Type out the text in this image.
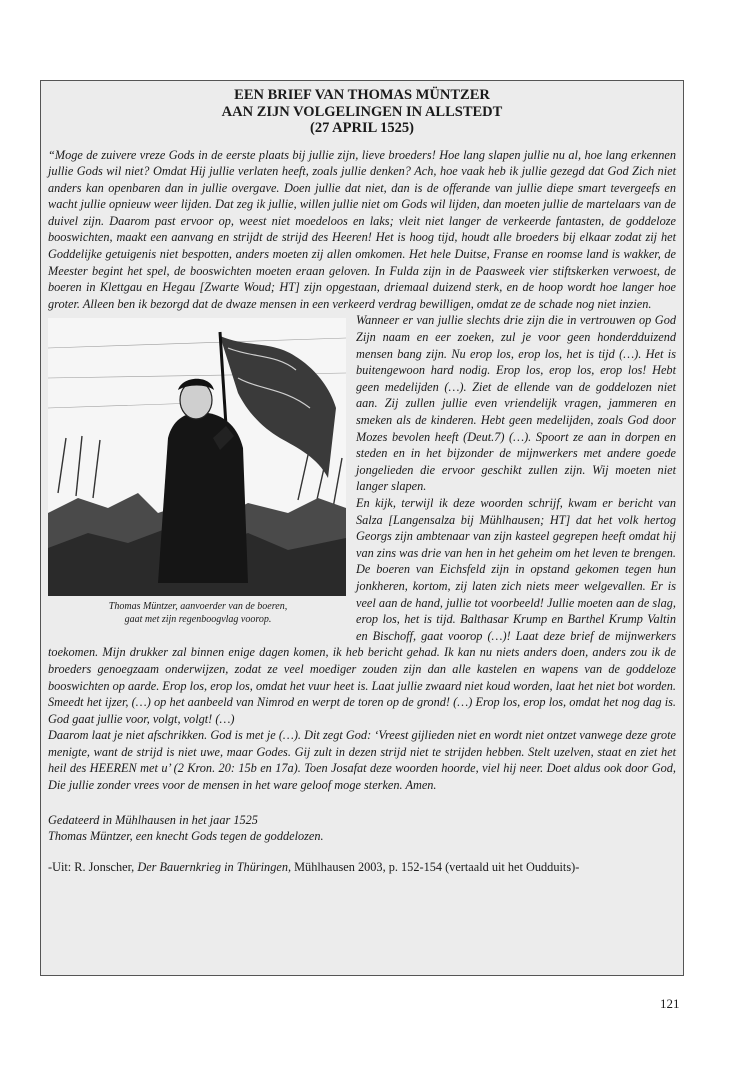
EEN BRIEF VAN THOMAS MÜNTZER
AAN ZIJN VOLGELINGEN IN ALLSTEDT
(27 APRIL 1525)

“Moge de zuivere vreze Gods in de eerste plaats bij jullie zijn, lieve broeders! Hoe lang slapen jullie nu al, hoe lang erkennen jullie Gods wil niet? Omdat Hij jullie verlaten heeft, zoals jullie denken? Ach, hoe vaak heb ik jullie gezegd dat God Zich niet anders kan openbaren dan in jullie overgave. Doen jullie dat niet, dan is de offerande van jullie diepe smart tevergeefs en wacht jullie opnieuw weer lijden. Dat zeg ik jullie, willen jullie niet om Gods wil lijden, dan moeten jullie de martelaars van de duivel zijn. Daarom past ervoor op, weest niet moedeloos en laks; vleit niet langer de verkeerde fantasten, de goddeloze booswichten, maakt een aanvang en strijdt de strijd des Heeren! Het is hoog tijd, houdt alle broeders bij elkaar zodat zij het Goddelijke getuigenis niet bespotten, anders moeten zij allen omkomen. Het hele Duitse, Franse en roomse land is wakker, de Meester begint het spel, de booswichten moeten eraan geloven. In Fulda zijn in de Paasweek vier stiftskerken verwoest, de boeren in Klettgau en Hegau [Zwarte Woud; HT] zijn opgestaan, driemaal duizend sterk, en de hoop wordt hoe langer hoe groter. Alleen ben ik bezorgd dat de dwaze mensen in een verkeerd verdrag bewilligen, omdat ze de schade nog niet inzien.

Thomas Müntzer, aanvoerder van de boeren,
gaat met zijn regenboogvlag voorop.

Wanneer er van jullie slechts drie zijn die in vertrouwen op God Zijn naam en eer zoeken, zul je voor geen honderdduizend mensen bang zijn. Nu erop los, erop los, het is tijd (…). Het is buitengewoon hard nodig. Erop los, erop los, erop los! Hebt geen medelijden (…). Ziet de ellende van de goddelozen niet aan. Zij zullen jullie even vriendelijk vragen, jammeren en smeken als de kinderen. Hebt geen medelijden, zoals God door Mozes bevolen heeft (Deut.7) (…). Spoort ze aan in dorpen en steden en in het bijzonder de mijnwerkers met andere goede jongelieden die ervoor geschikt zullen zijn. Wij moeten niet langer slapen.

En kijk, terwijl ik deze woorden schrijf, kwam er bericht van Salza [Langensalza bij Mühlhausen; HT] dat het volk hertog Georgs zijn ambtenaar van zijn kasteel gegrepen heeft omdat hij van zins was drie van hen in het geheim om het leven te brengen. De boeren van Eichsfeld zijn in opstand gekomen tegen hun jonkheren, kortom, zij laten zich niets meer welgevallen. Er is veel aan de hand, jullie tot voorbeeld! Jullie moeten aan de slag, erop los, het is tijd. Balthasar Krump en Barthel Krump Valtin en Bischoff, gaat voorop (…)! Laat deze brief de mijnwerkers toekomen. Mijn drukker zal binnen enige dagen komen, ik heb bericht gehad. Ik kan nu niets anders doen, anders zou ik de broeders genoegzaam onderwijzen, zodat ze veel moediger zouden zijn dan alle kastelen en wapens van de goddeloze booswichten op aarde. Erop los, erop los, omdat het vuur heet is. Laat jullie zwaard niet koud worden, laat het niet bot worden. Smeedt het ijzer, (…) op het aanbeeld van Nimrod en werpt de toren op de grond! (…) Erop los, erop los, omdat het nog dag is. God gaat jullie voor, volgt, volgt! (…)

Daarom laat je niet afschrikken. God is met je (…). Dit zegt God: ‘Vreest gijlieden niet en wordt niet ontzet vanwege deze grote menigte, want de strijd is niet uwe, maar Godes. Gij zult in dezen strijd niet te strijden hebben. Stelt uzelven, staat en ziet het heil des HEEREN met u’ (2 Kron. 20: 15b en 17a). Toen Josafat deze woorden hoorde, viel hij neer. Doet aldus ook door God, Die jullie zonder vrees voor de mensen in het ware geloof moge sterken. Amen.

Gedateerd in Mühlhausen in het jaar 1525
Thomas Müntzer, een knecht Gods tegen de goddelozen.

-Uit: R. Jonscher, Der Bauernkrieg in Thüringen, Mühlhausen 2003, p. 152-154 (vertaald uit het Oudduits)-

121
